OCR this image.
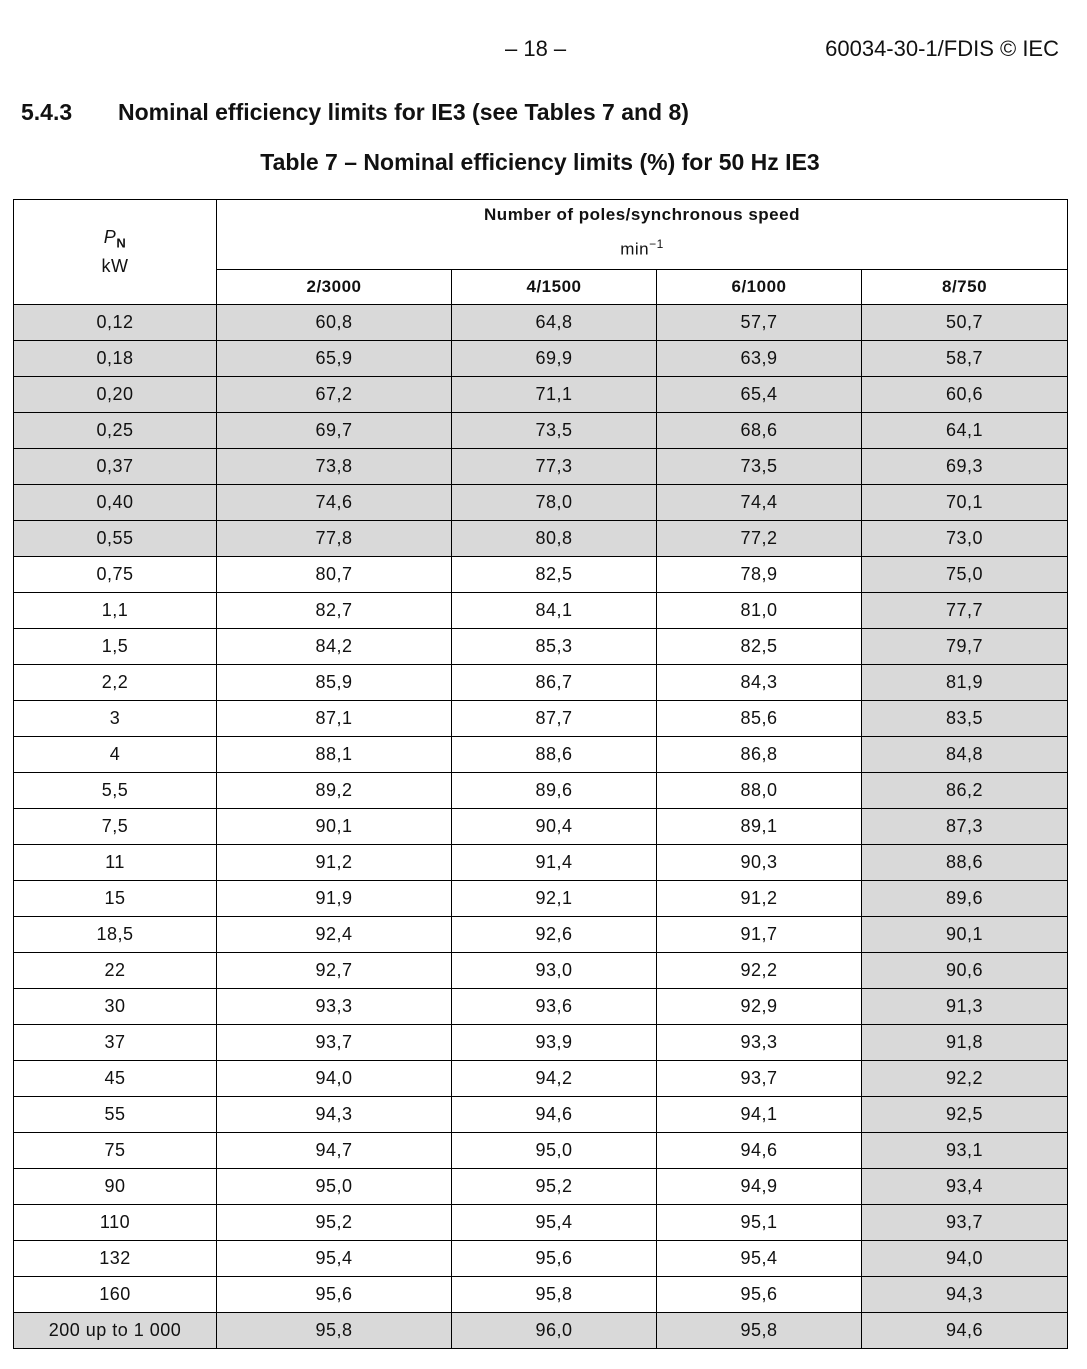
– 18 –	60034-30-1/FDIS © IEC
5.4.3 Nominal efficiency limits for IE3 (see Tables 7 and 8)
Table 7 – Nominal efficiency limits (%) for 50 Hz IE3
$P_N$
kW	Number of poles/synchronous speed
$\min^{-1}$

	2/3000	4/1500	6/1000	8/750
0,12	60,8	64,8	57,7	50,7
0,18	65,9	69,9	63,9	58,7
0,20	67,2	71,1	65,4	60,6
0,25	69,7	73,5	68,6	64,1
0,37	73,8	77,3	73,5	69,3
0,40	74,6	78,0	74,4	70,1
0,55	77,8	80,8	77,2	73,0
0,75	80,7	82,5	78,9	75,0
1,1	82,7	84,1	81,0	77,7
1,5	84,2	85,3	82,5	79,7
2,2	85,9	86,7	84,3	81,9
3	87,1	87,7	85,6	83,5
4	88,1	88,6	86,8	84,8
5,5	89,2	89,6	88,0	86,2
7,5	90,1	90,4	89,1	87,3
11	91,2	91,4	90,3	88,6
15	91,9	92,1	91,2	89,6
18,5	92,4	92,6	91,7	90,1
22	92,7	93,0	92,2	90,6
30	93,3	93,6	92,9	91,3
37	93,7	93,9	93,3	91,8
45	94,0	94,2	93,7	92,2
55	94,3	94,6	94,1	92,5
75	94,7	95,0	94,6	93,1
90	95,0	95,2	94,9	93,4
110	95,2	95,4	95,1	93,7
132	95,4	95,6	95,4	94,0
160	95,6	95,8	95,6	94,3
200 up to 1 000	95,8	96,0	95,8	94,6
